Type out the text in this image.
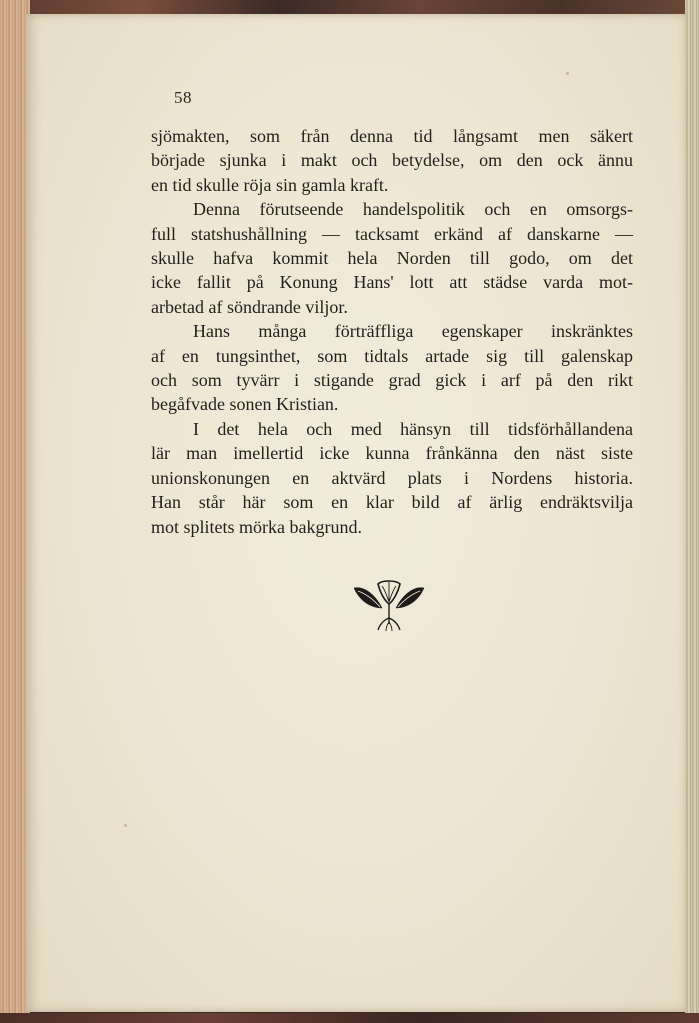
58
sjömakten, som från denna tid långsamt men säkert
började sjunka i makt och betydelse, om den ock ännu
en tid skulle röja sin gamla kraft.
Denna förutseende handelspolitik och en omsorgs-
full statshushållning — tacksamt erkänd af danskarne —
skulle hafva kommit hela Norden till godo, om det
icke fallit på Konung Hans' lott att städse varda mot-
arbetad af söndrande viljor.
Hans många förträffliga egenskaper inskränktes
af en tungsinthet, som tidtals artade sig till galenskap
och som tyvärr i stigande grad gick i arf på den rikt
begåfvade sonen Kristian.
I det hela och med hänsyn till tidsförhållandena
lär man imellertid icke kunna frånkänna den näst siste
unionskonungen en aktvärd plats i Nordens historia.
Han står här som en klar bild af ärlig endräktsvilja
mot splitets mörka bakgrund.
